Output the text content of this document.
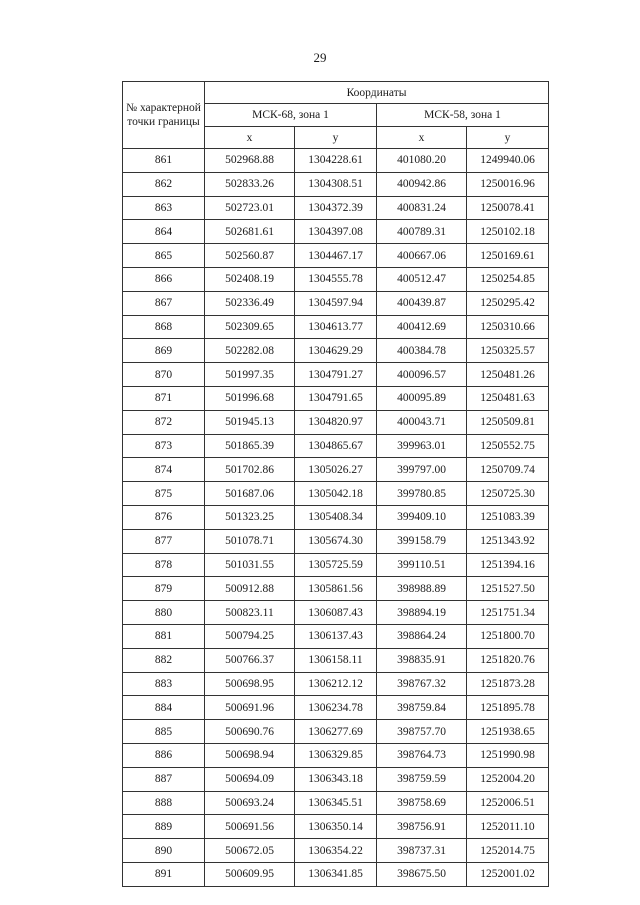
29
№ характерной точки границы	Координаты			
	МСК-68, зона 1		МСК-58, зона 1	
	x	y	x	y
861	502968.88	1304228.61	401080.20	1249940.06
862	502833.26	1304308.51	400942.86	1250016.96
863	502723.01	1304372.39	400831.24	1250078.41
864	502681.61	1304397.08	400789.31	1250102.18
865	502560.87	1304467.17	400667.06	1250169.61
866	502408.19	1304555.78	400512.47	1250254.85
867	502336.49	1304597.94	400439.87	1250295.42
868	502309.65	1304613.77	400412.69	1250310.66
869	502282.08	1304629.29	400384.78	1250325.57
870	501997.35	1304791.27	400096.57	1250481.26
871	501996.68	1304791.65	400095.89	1250481.63
872	501945.13	1304820.97	400043.71	1250509.81
873	501865.39	1304865.67	399963.01	1250552.75
874	501702.86	1305026.27	399797.00	1250709.74
875	501687.06	1305042.18	399780.85	1250725.30
876	501323.25	1305408.34	399409.10	1251083.39
877	501078.71	1305674.30	399158.79	1251343.92
878	501031.55	1305725.59	399110.51	1251394.16
879	500912.88	1305861.56	398988.89	1251527.50
880	500823.11	1306087.43	398894.19	1251751.34
881	500794.25	1306137.43	398864.24	1251800.70
882	500766.37	1306158.11	398835.91	1251820.76
883	500698.95	1306212.12	398767.32	1251873.28
884	500691.96	1306234.78	398759.84	1251895.78
885	500690.76	1306277.69	398757.70	1251938.65
886	500698.94	1306329.85	398764.73	1251990.98
887	500694.09	1306343.18	398759.59	1252004.20
888	500693.24	1306345.51	398758.69	1252006.51
889	500691.56	1306350.14	398756.91	1252011.10
890	500672.05	1306354.22	398737.31	1252014.75
891	500609.95	1306341.85	398675.50	1252001.02
